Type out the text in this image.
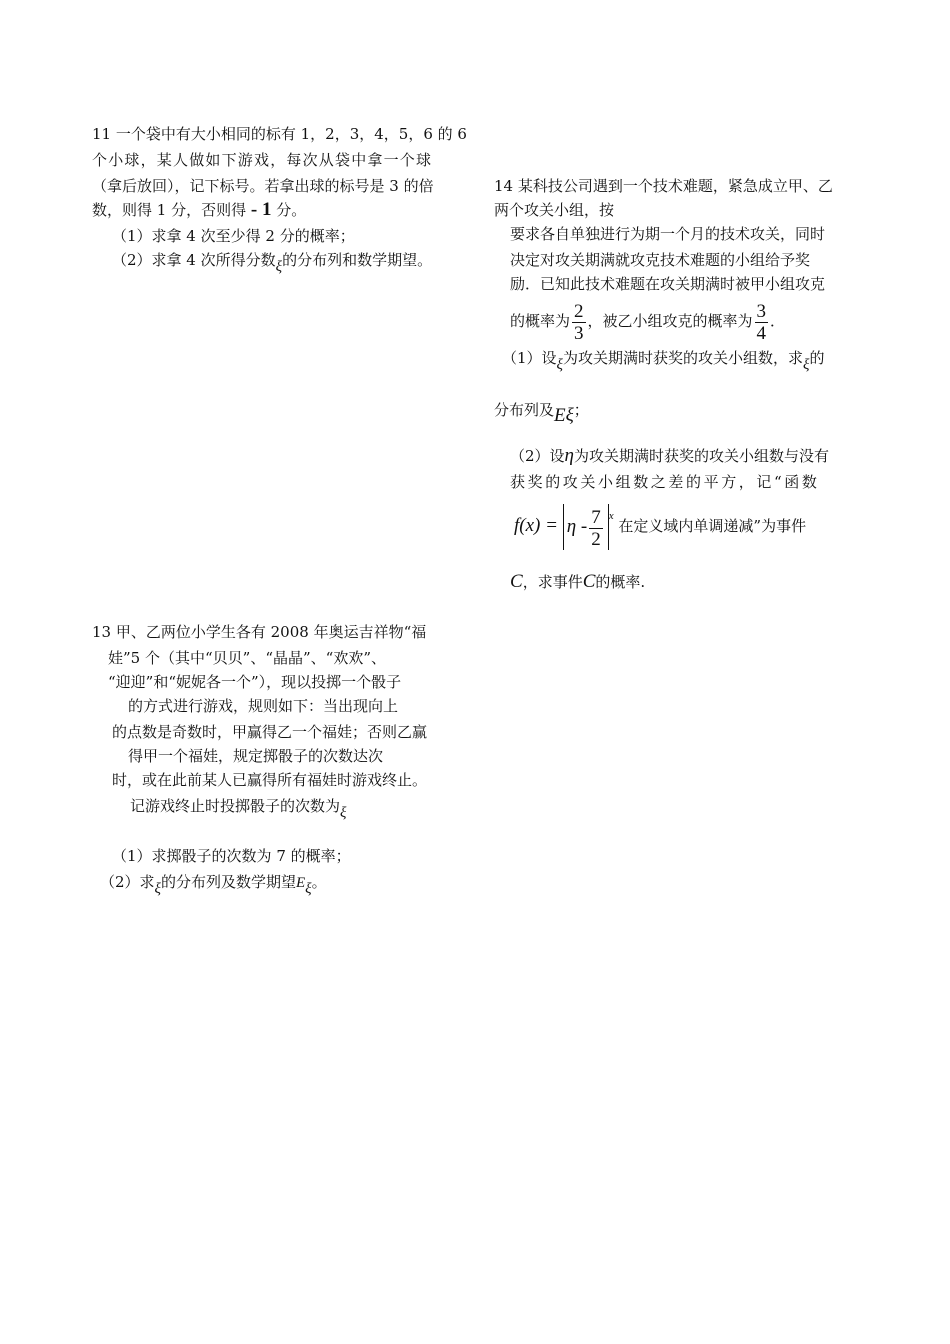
11 一个袋中有大小相同的标有 1，2，3，4，5，6 的 6
个小球，某人做如下游戏，每次从袋中拿一个球
（拿后放回），记下标号。若拿出球的标号是 3 的倍
数，则得 1 分，否则得 - 1 分。
（1）求拿 4 次至少得 2 分的概率；
（2）求拿 4 次所得分数ξ的分布列和数学期望。
14 某科技公司遇到一个技术难题，紧急成立甲、乙
两个攻关小组，按
要求各自单独进行为期一个月的技术攻关，同时
决定对攻关期满就攻克技术难题的小组给予奖
励．已知此技术难题在攻关期满时被甲小组攻克
的概率为 $\frac{2}{3}$ ，被乙小组攻克的概率为 $\frac{3}{4}$ ．
（1）设ξ为攻关期满时获奖的攻关小组数，求ξ的
分布列及Eξ；
（2）设η为攻关期满时获奖的攻关小组数与没有
获奖的攻关小组数之差的平方，记“函数
$f(x) = \eta - \frac{7}{2} ^x$ 在定义域内单调递减”为事件
C，求事件C的概率.
13 甲、乙两位小学生各有 2008 年奥运吉祥物“福
娃”5 个（其中“贝贝”、“晶晶”、“欢欢”、
“迎迎”和“妮妮各一个”），现以投掷一个骰子
的方式进行游戏，规则如下：当出现向上
的点数是奇数时，甲赢得乙一个福娃；否则乙赢
得甲一个福娃，规定掷骰子的次数达次
时，或在此前某人已赢得所有福娃时游戏终止。
记游戏终止时投掷骰子的次数为ξ
（1）求掷骰子的次数为 7 的概率；
（2）求ξ的分布列及数学期望Eξ。
